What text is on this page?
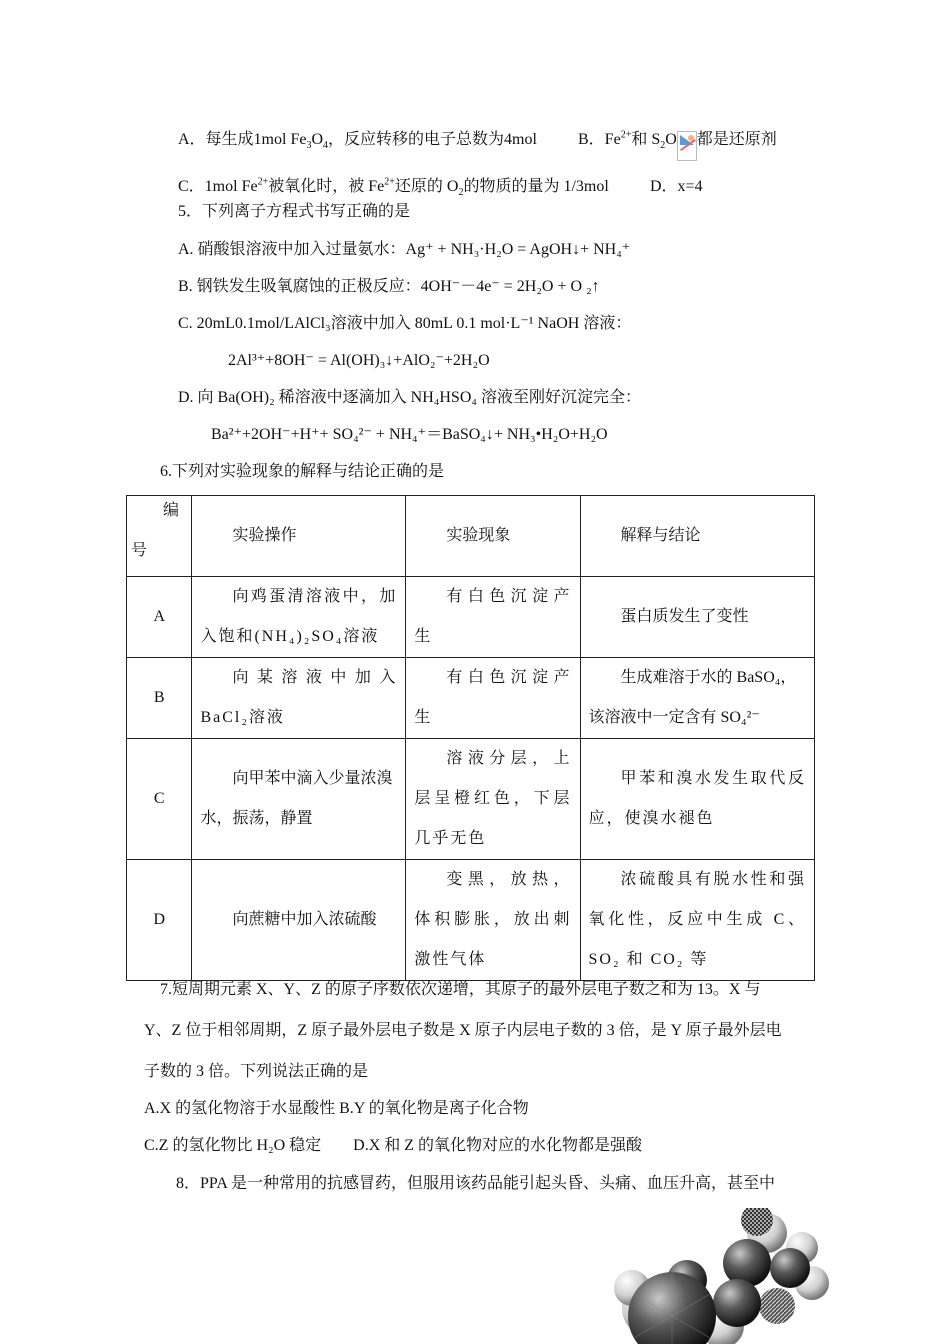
A．每生成1mol $Fe_3O_4$，反应转移的电子总数为4mol	B．$Fe^{2+}$和 $S_2O$ 都是还原剂
C．1mol $Fe^{2+}$被氧化时，被 $Fe^{2+}$还原的 $O_2$的物质的量为 1/3mol	D．x=4
5．下列离子方程式书写正确的是
A. 硝酸银溶液中加入过量氨水：Ag⁺ + NH₃·H₂O = AgOH↓+ NH₄⁺
B. 钢铁发生吸氧腐蚀的正极反应：4OH⁻－4e⁻ = 2H₂O + O ₂↑
C. 20mL0.1mol/LAlCl₃溶液中加入 80mL 0.1 mol·L⁻¹ NaOH 溶液：
2Al³⁺+8OH⁻ = Al(OH)₃↓+AlO₂⁻+2H₂O
D. 向 Ba(OH)₂ 稀溶液中逐滴加入 NH₄HSO₄ 溶液至刚好沉淀完全：
Ba²⁺+2OH⁻+H⁺+ SO₄²⁻ + NH₄⁺＝BaSO₄↓+ NH₃•H₂O+H₂O
6.下列对实验现象的解释与结论正确的是
编
号	实验操作	实验现象	解释与结论
A	向鸡蛋清溶液中，加入饱和(NH₄)₂SO₄溶液	有白色沉淀产生	蛋白质发生了变性
B	向某溶液中加入BaCl₂溶液	有白色沉淀产生	生成难溶于水的 BaSO₄，该溶液中一定含有 SO₄²⁻
C	向甲苯中滴入少量浓溴水，振荡，静置	溶液分层，上层呈橙红色，下层几乎无色	甲苯和溴水发生取代反应，使溴水褪色
D	向蔗糖中加入浓硫酸	变黑，放热，体积膨胀，放出刺激性气体	浓硫酸具有脱水性和强氧化性，反应中生成 C、SO₂ 和 CO₂ 等
7.短周期元素 X、Y、Z 的原子序数依次递增，其原子的最外层电子数之和为 13。X 与
Y、Z 位于相邻周期，Z 原子最外层电子数是 X 原子内层电子数的 3 倍，是 Y 原子最外层电
子数的 3 倍。下列说法正确的是
A.X 的氢化物溶于水显酸性 B.Y 的氧化物是离子化合物
C.Z 的氢化物比 H₂O 稳定        D.X 和 Z 的氧化物对应的水化物都是强酸
8．PPA 是一种常用的抗感冒药，但服用该药品能引起头昏、头痛、血压升高，甚至中
